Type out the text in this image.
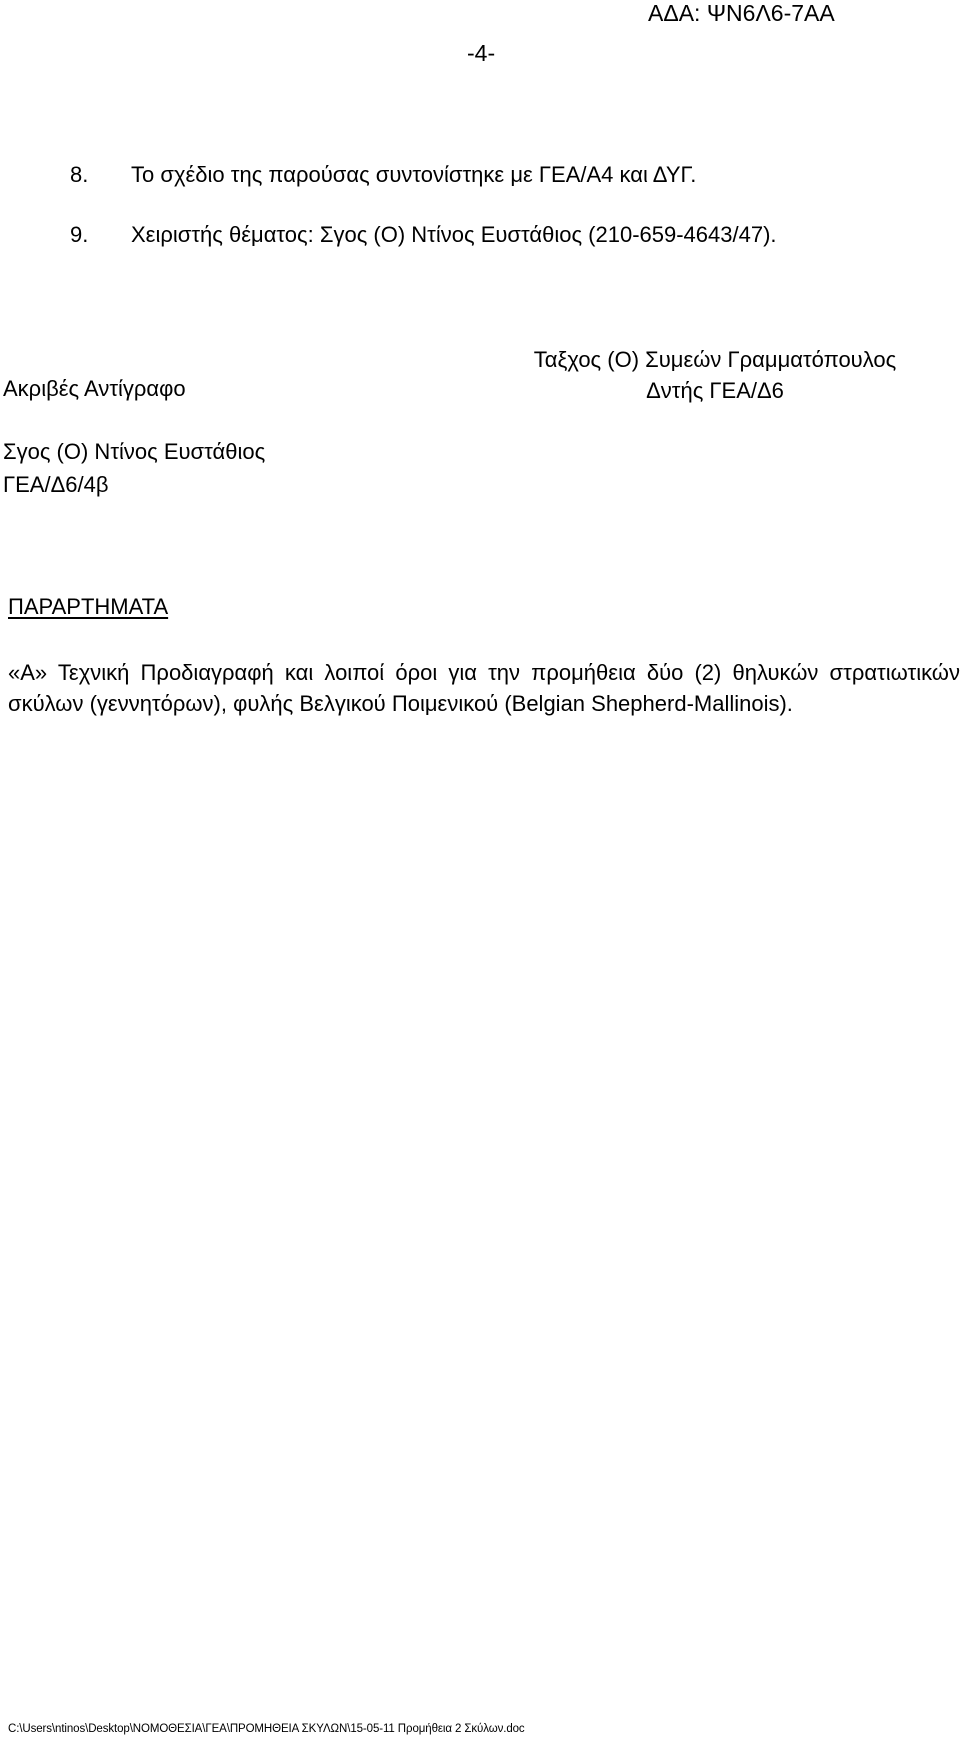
ΑΔΑ: ΨΝ6Λ6-7ΑΑ
-4-
8. Το σχέδιο της παρούσας συντονίστηκε με ΓΕΑ/Α4 και ΔΥΓ.
9. Χειριστής θέματος: Σγος (Ο) Ντίνος Ευστάθιος (210-659-4643/47).
Ακριβές Αντίγραφο
Ταξχος (Ο) Συμεών Γραμματόπουλος
Δντής ΓΕΑ/Δ6
Σγος (Ο) Ντίνος Ευστάθιος
ΓΕΑ/Δ6/4β
ΠΑΡΑΡΤΗΜΑΤΑ
«Α» Τεχνική Προδιαγραφή και λοιποί όροι για την προμήθεια δύο (2) θηλυκών στρατιωτικών σκύλων (γεννητόρων), φυλής Βελγικού Ποιμενικού (Belgian Shepherd-Mallinois).
C:\Users\ntinos\Desktop\ΝΟΜΟΘΕΣΙΑ\ΓΕΑ\ΠΡΟΜΗΘΕΙΑ ΣΚΥΛΩΝ\15-05-11 Προμήθεια 2 Σκύλων.doc
